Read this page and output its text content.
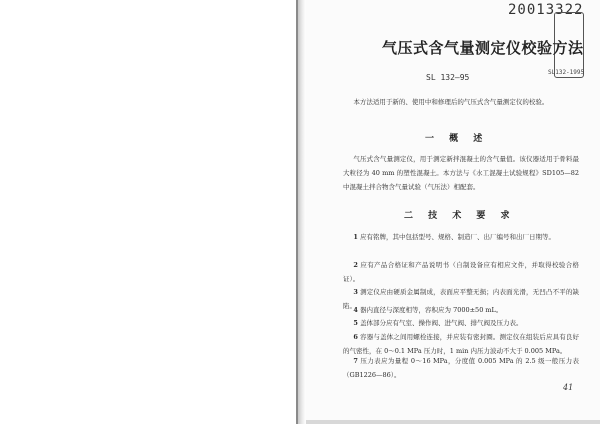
20013322
SL132-1995
气压式含气量测定仪校验方法
SL 132—95
本方法适用于新的、使用中和修理后的气压式含气量测定仪的校验。
一 概 述
气压式含气量测定仪，用于测定新拌混凝土的含气量值。该仪器适用于骨料最大粒径为 40 mm 的塑性混凝土。本方法与《水工混凝土试验规程》SD105—82 中混凝土拌合物含气量试验（气压法）相配套。
二 技 术 要 求
1 应有铭牌，其中包括型号、规格、制造厂、出厂编号和出厂日期等。
2 应有产品合格证和产品说明书（自制设备应有相应文件，并取得校验合格证）。
3 测定仪应由硬质金属制成，表面应平整无损；内表面光滑，无凹凸不平的缺陷。
4 器内直径与深度相等，容积应为 7000±50 mL。
5 盖体部分应有气室、操作阀、进气阀、排气阀及压力表。
6 容器与盖体之间用螺栓连接，并应装有密封圈。测定仪在组装后应具有良好的气密性，在 0～0.1 MPa 压力时，1 min 内压力波动不大于 0.005 MPa。
7 压力表应为量程 0～16 MPa，分度值 0.005 MPa 的 2.5 级一般压力表（GB1226—86）。
41
